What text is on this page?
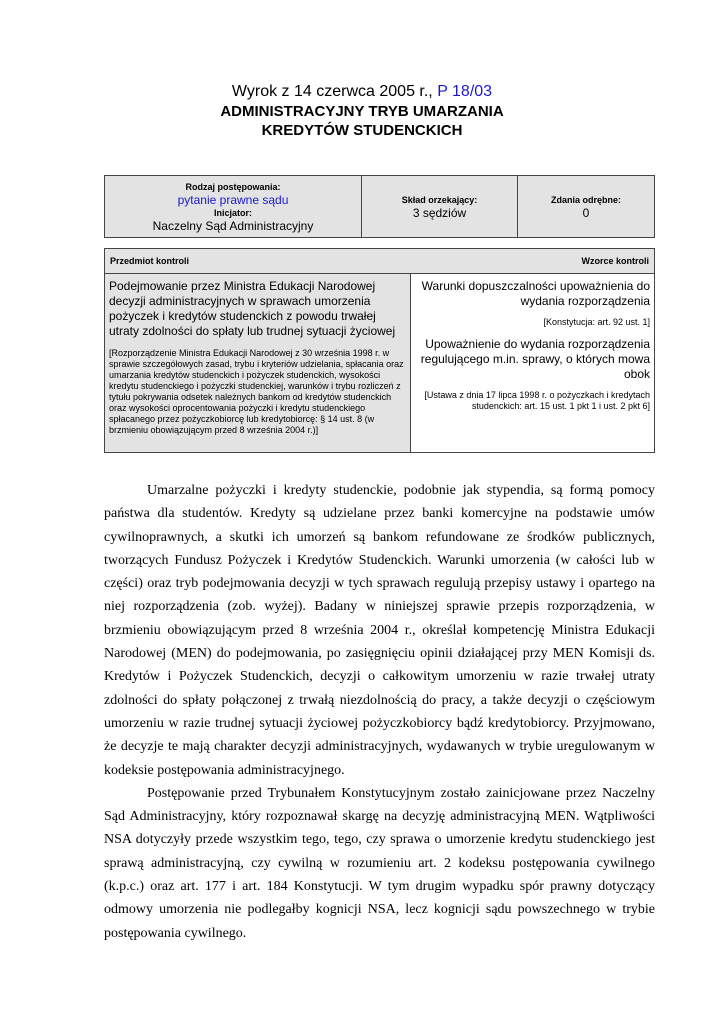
Wyrok z 14 czerwca 2005 r., P 18/03
ADMINISTRACYJNY TRYB UMARZANIA
KREDYTÓW STUDENCKICH
Rodzaj postępowania:
pytanie prawne sądu
Inicjator:
Naczelny Sąd Administracyjny
Skład orzekający:
3 sędziów
Zdania odrębne:
0
Przedmiot kontroli	Wzorce kontroli
Podejmowanie przez Ministra Edukacji Narodowej decyzji administracyjnych w sprawach umorzenia pożyczek i kredytów studenckich z powodu trwałej utraty zdolności do spłaty lub trudnej sytuacji życiowej
[Rozporządzenie Ministra Edukacji Narodowej z 30 września 1998 r. w sprawie szczegółowych zasad, trybu i kryteriów udzielania, spłacania oraz umarzania kredytów studenckich i pożyczek studenckich, wysokości kredytu studenckiego i pożyczki studenckiej, warunków i trybu rozliczeń z tytułu pokrywania odsetek należnych bankom od kredytów studenckich oraz wysokości oprocentowania pożyczki i kredytu studenckiego spłacanego przez pożyczkobiorcę lub kredytobiorcę: § 14 ust. 8 (w brzmieniu obowiązującym przed 8 września 2004 r.)]
Warunki dopuszczalności upoważnienia do wydania rozporządzenia
[Konstytucja: art. 92 ust. 1]
Upoważnienie do wydania rozporządzenia regulującego m.in. sprawy, o których mowa obok
[Ustawa z dnia 17 lipca 1998 r. o pożyczkach i kredytach studenckich: art. 15 ust. 1 pkt 1 i ust. 2 pkt 6]

Umarzalne pożyczki i kredyty studenckie, podobnie jak stypendia, są formą pomocy państwa dla studentów. Kredyty są udzielane przez banki komercyjne na podstawie umów cywilnoprawnych, a skutki ich umorzeń są bankom refundowane ze środków publicznych, tworzących Fundusz Pożyczek i Kredytów Studenckich. Warunki umorzenia (w całości lub w części) oraz tryb podejmowania decyzji w tych sprawach regulują przepisy ustawy i opartego na niej rozporządzenia (zob. wyżej). Badany w niniejszej sprawie przepis rozporządzenia, w brzmieniu obowiązującym przed 8 września 2004 r., określał kompetencję Ministra Edukacji Narodowej (MEN) do podejmowania, po zasięgnięciu opinii działającej przy MEN Komisji ds. Kredytów i Pożyczek Studenckich, decyzji o całkowitym umorzeniu w razie trwałej utraty zdolności do spłaty połączonej z trwałą niezdolnością do pracy, a także decyzji o częściowym umorzeniu w razie trudnej sytuacji życiowej pożyczkobiorcy bądź kredytobiorcy. Przyjmowano, że decyzje te mają charakter decyzji administracyjnych, wydawanych w trybie uregulowanym w kodeksie postępowania administracyjnego.

Postępowanie przed Trybunałem Konstytucyjnym zostało zainicjowane przez Naczelny Sąd Administracyjny, który rozpoznawał skargę na decyzję administracyjną MEN. Wątpliwości NSA dotyczyły przede wszystkim tego, tego, czy sprawa o umorzenie kredytu studenckiego jest sprawą administracyjną, czy cywilną w rozumieniu art. 2 kodeksu postępowania cywilnego (k.p.c.) oraz art. 177 i art. 184 Konstytucji. W tym drugim wypadku spór prawny dotyczący odmowy umorzenia nie podlegałby kognicji NSA, lecz kognicji sądu powszechnego w trybie postępowania cywilnego.
